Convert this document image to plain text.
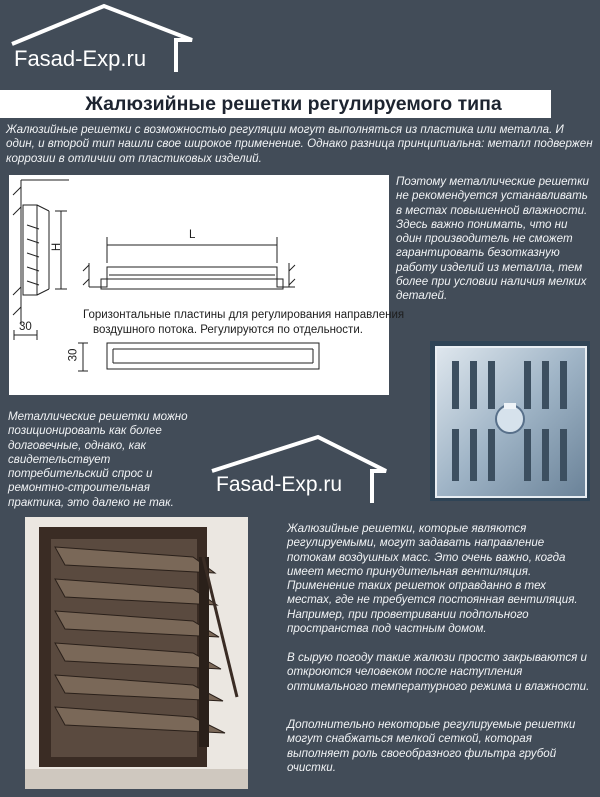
Fasad-Exp.ru
Жалюзийные решетки регулируемого типа
Жалюзийные решетки с возможностью регуляции могут выполняться из пластика или металла. И один, и второй тип нашли свое широкое применение. Однако разница принципиальна: металл подвержен коррозии в отличии от пластиковых изделий.
H
L
30
30
Горизонтальные пластины для регулирования направления
воздушного потока. Регулируются по отдельности.
Поэтому металлические решетки не рекомендуется устанавливать в местах повышенной влажности. Здесь важно понимать, что ни один производитель не сможет гарантировать безотказную работу изделий из металла, тем более при условии наличия мелких деталей.
Fasad-Exp.ru
Металлические решетки можно позиционировать как более долговечные, однако, как свидетельствует потребительский спрос и ремонтно-строительная практика, это далеко не так.
Жалюзийные решетки, которые являются регулируемыми, могут задавать направление потокам воздушных масс. Это очень важно, когда имеет место принудительная вентиляция. Применение таких решеток оправданно в тех местах, где не требуется постоянная вентиляция. Например, при проветривании подпольного пространства под частным домом.
В сырую погоду такие жалюзи просто закрываются и откроются человеком после наступления оптимального температурного режима и влажности.
Дополнительно некоторые регулируемые решетки могут снабжаться мелкой сеткой, которая выполняет роль своеобразного фильтра грубой очистки.
